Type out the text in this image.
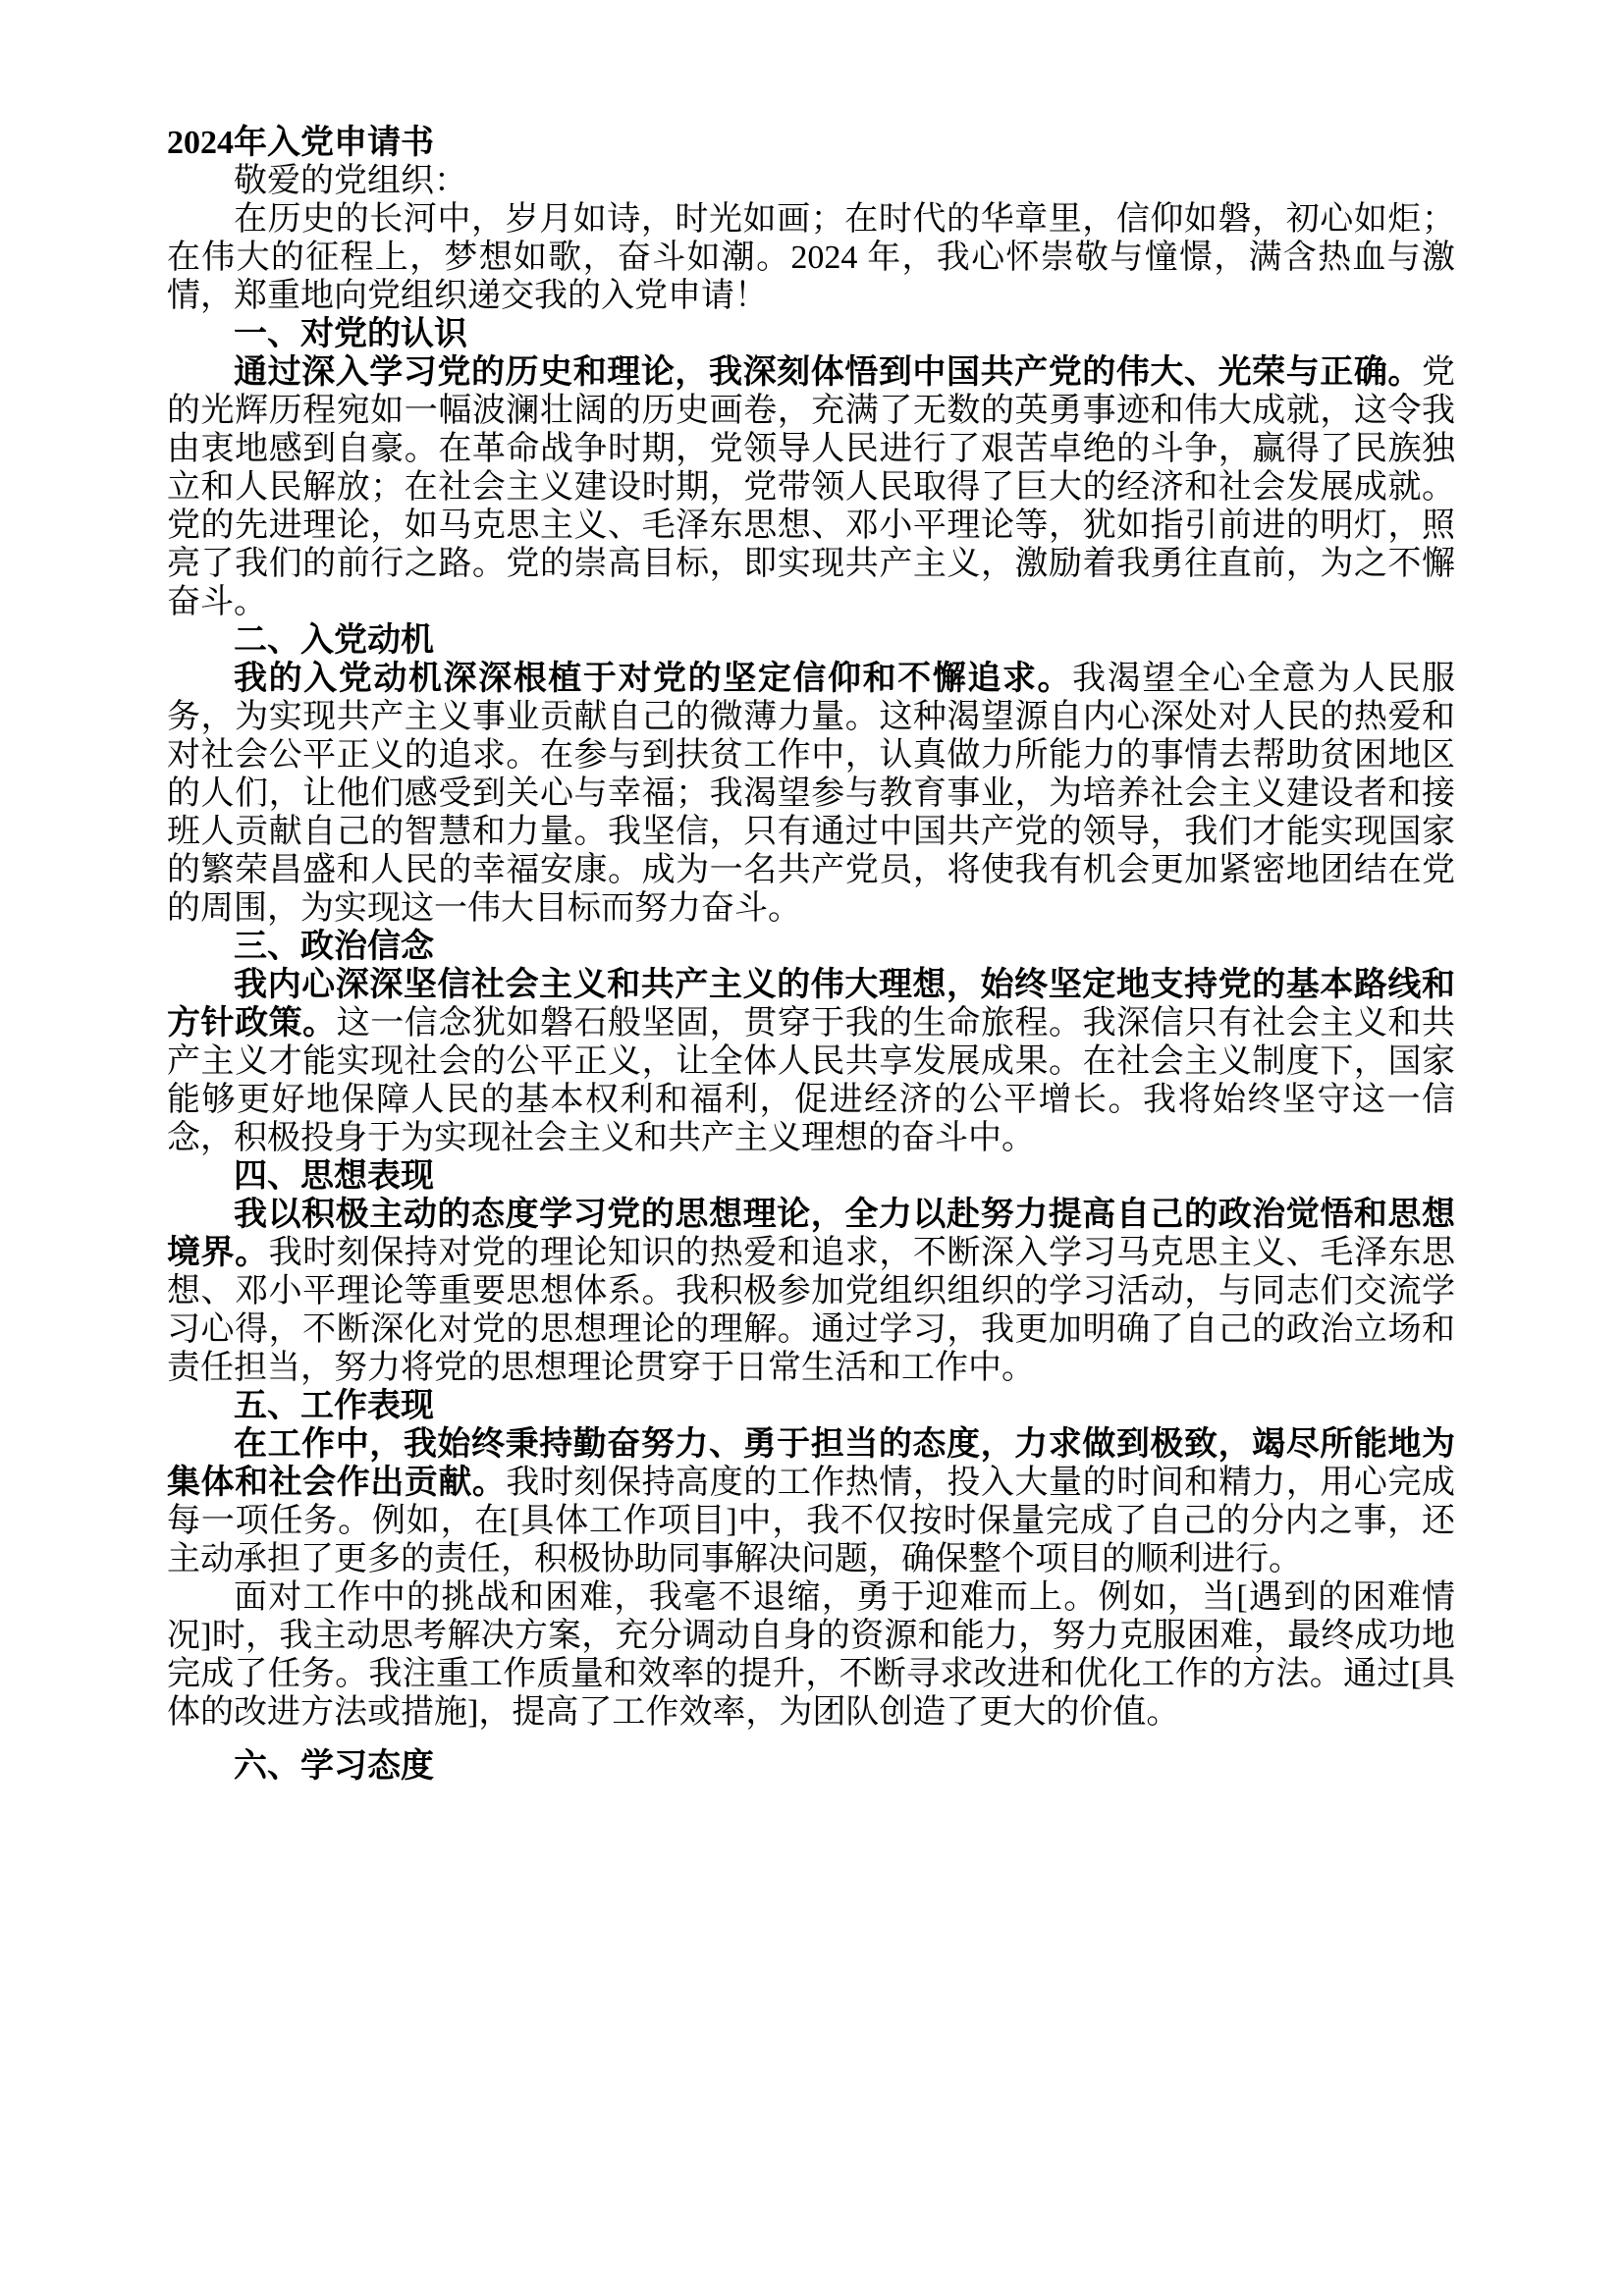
2024年入党申请书

敬爱的党组织：

在历史的长河中，岁月如诗，时光如画；在时代的华章里，信仰如磐，初心如炬；在伟大的征程上，梦想如歌，奋斗如潮。2024 年，我心怀崇敬与憧憬，满含热血与激情，郑重地向党组织递交我的入党申请！

一、对党的认识

通过深入学习党的历史和理论，我深刻体悟到中国共产党的伟大、光荣与正确。党的光辉历程宛如一幅波澜壮阔的历史画卷，充满了无数的英勇事迹和伟大成就，这令我由衷地感到自豪。在革命战争时期，党领导人民进行了艰苦卓绝的斗争，赢得了民族独立和人民解放；在社会主义建设时期，党带领人民取得了巨大的经济和社会发展成就。党的先进理论，如马克思主义、毛泽东思想、邓小平理论等，犹如指引前进的明灯，照亮了我们的前行之路。党的崇高目标，即实现共产主义，激励着我勇往直前，为之不懈奋斗。

二、入党动机

我的入党动机深深根植于对党的坚定信仰和不懈追求。我渴望全心全意为人民服务，为实现共产主义事业贡献自己的微薄力量。这种渴望源自内心深处对人民的热爱和对社会公平正义的追求。在参与到扶贫工作中，认真做力所能力的事情去帮助贫困地区的人们，让他们感受到关心与幸福；我渴望参与教育事业，为培养社会主义建设者和接班人贡献自己的智慧和力量。我坚信，只有通过中国共产党的领导，我们才能实现国家的繁荣昌盛和人民的幸福安康。成为一名共产党员，将使我有机会更加紧密地团结在党的周围，为实现这一伟大目标而努力奋斗。

三、政治信念

我内心深深坚信社会主义和共产主义的伟大理想，始终坚定地支持党的基本路线和方针政策。这一信念犹如磐石般坚固，贯穿于我的生命旅程。我深信只有社会主义和共产主义才能实现社会的公平正义，让全体人民共享发展成果。在社会主义制度下，国家能够更好地保障人民的基本权利和福利，促进经济的公平增长。我将始终坚守这一信念，积极投身于为实现社会主义和共产主义理想的奋斗中。

四、思想表现

我以积极主动的态度学习党的思想理论，全力以赴努力提高自己的政治觉悟和思想境界。我时刻保持对党的理论知识的热爱和追求，不断深入学习马克思主义、毛泽东思想、邓小平理论等重要思想体系。我积极参加党组织组织的学习活动，与同志们交流学习心得，不断深化对党的思想理论的理解。通过学习，我更加明确了自己的政治立场和责任担当，努力将党的思想理论贯穿于日常生活和工作中。

五、工作表现

在工作中，我始终秉持勤奋努力、勇于担当的态度，力求做到极致，竭尽所能地为集体和社会作出贡献。我时刻保持高度的工作热情，投入大量的时间和精力，用心完成每一项任务。例如，在[具体工作项目]中，我不仅按时保量完成了自己的分内之事，还主动承担了更多的责任，积极协助同事解决问题，确保整个项目的顺利进行。

面对工作中的挑战和困难，我毫不退缩，勇于迎难而上。例如，当[遇到的困难情况]时，我主动思考解决方案，充分调动自身的资源和能力，努力克服困难，最终成功地完成了任务。我注重工作质量和效率的提升，不断寻求改进和优化工作的方法。通过[具体的改进方法或措施]，提高了工作效率，为团队创造了更大的价值。

六、学习态度
